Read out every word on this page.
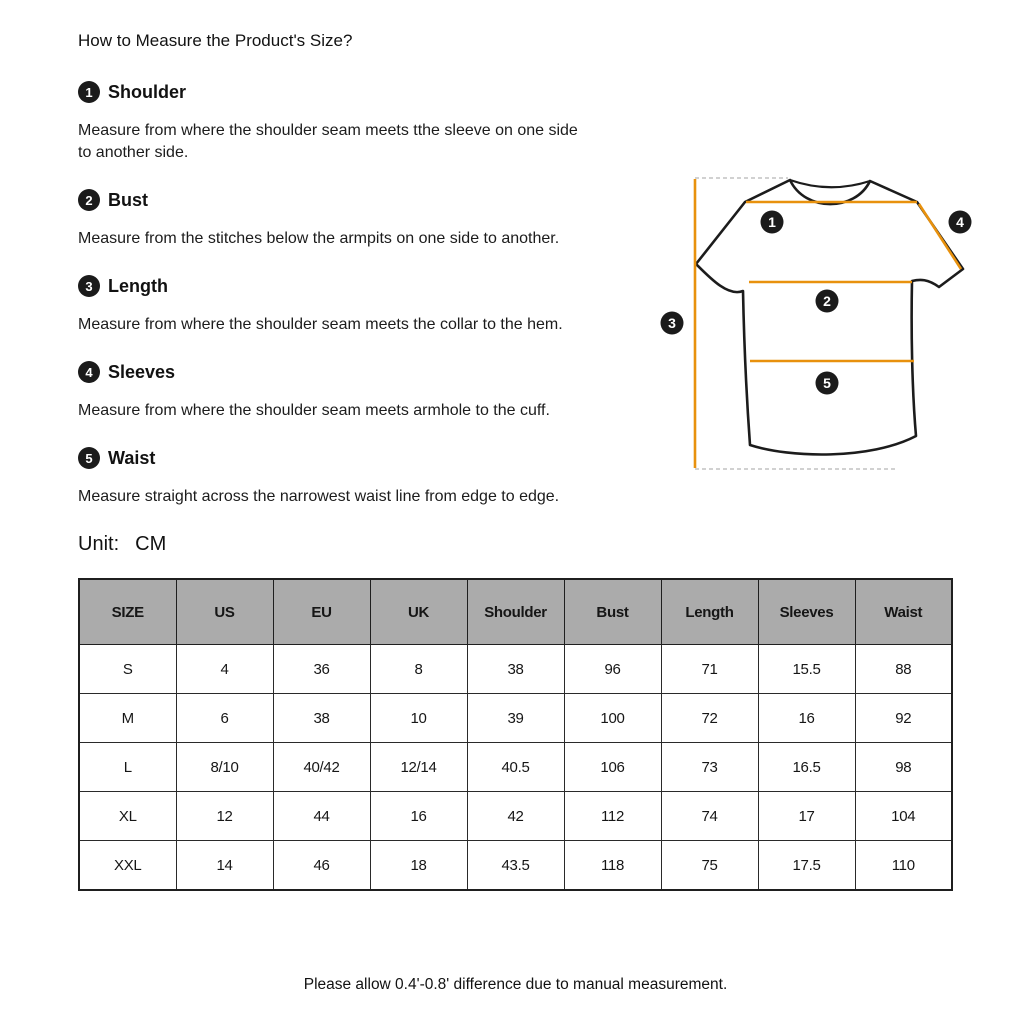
How to Measure the Product's Size?
1 Shoulder

Measure from where the shoulder seam meets tthe sleeve on one side to another side.

2 Bust

Measure from the stitches below the armpits on one side to another.

3 Length

Measure from where the shoulder seam meets the collar to the hem.

4 Sleeves

Measure from where the shoulder seam meets armhole to the cuff.

5 Waist

Measure straight across the narrowest waist line from edge to edge.

Unit: CM
SIZE	US	EU	UK	Shoulder	Bust	Length	Sleeves	Waist
S	4	36	8	38	96	71	15.5	88
M	6	38	10	39	100	72	16	92
L	8/10	40/42	12/14	40.5	106	73	16.5	98
XL	12	44	16	42	112	74	17	104
XXL	14	46	18	43.5	118	75	17.5	110

Please allow 0.4'-0.8' difference due to manual measurement.

1
2
3
4
5
